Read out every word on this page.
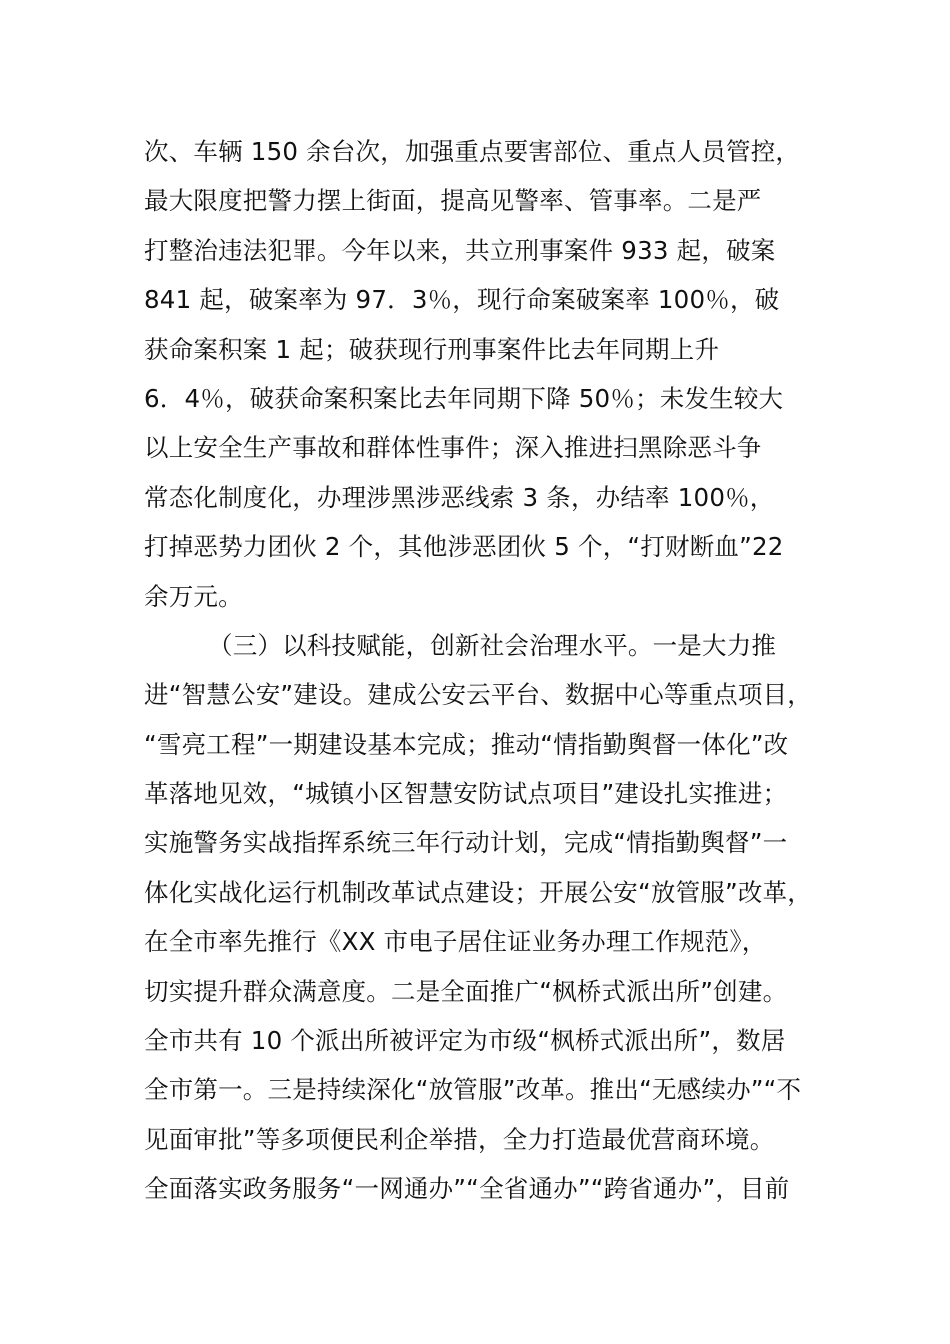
次、车辆 150 余台次，加强重点要害部位、重点人员管控，
最大限度把警力摆上街面，提高见警率、管事率。二是严
打整治违法犯罪。今年以来，共立刑事案件 933 起，破案
841 起，破案率为 97．3％，现行命案破案率 100％，破
获命案积案 1 起；破获现行刑事案件比去年同期上升
6．4％，破获命案积案比去年同期下降 50％；未发生较大
以上安全生产事故和群体性事件；深入推进扫黑除恶斗争
常态化制度化，办理涉黑涉恶线索 3 条，办结率 100％，
打掉恶势力团伙 2 个，其他涉恶团伙 5 个，“打财断血”22
余万元。
（三）以科技赋能，创新社会治理水平。一是大力推
进“智慧公安”建设。建成公安云平台、数据中心等重点项目，
“雪亮工程”一期建设基本完成；推动“情指勤舆督一体化”改
革落地见效，“城镇小区智慧安防试点项目”建设扎实推进；
实施警务实战指挥系统三年行动计划，完成“情指勤舆督”一
体化实战化运行机制改革试点建设；开展公安“放管服”改革，
在全市率先推行《XX 市电子居住证业务办理工作规范》，
切实提升群众满意度。二是全面推广“枫桥式派出所”创建。
全市共有 10 个派出所被评定为市级“枫桥式派出所”，数居
全市第一。三是持续深化“放管服”改革。推出“无感续办”“不
见面审批”等多项便民利企举措，全力打造最优营商环境。
全面落实政务服务“一网通办”“全省通办”“跨省通办”，目前
